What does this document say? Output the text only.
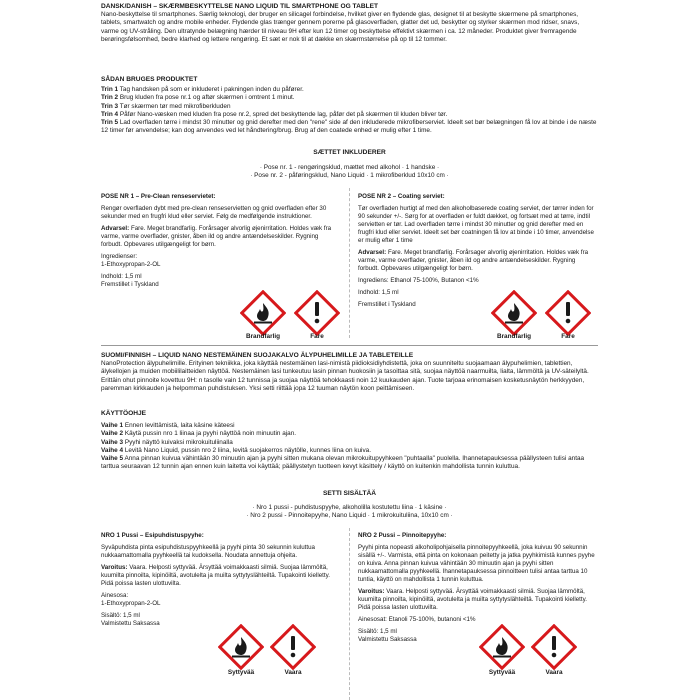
DANSK/DANISH – SKÆRMBESKYTTELSE NANO LIQUID TIL SMARTPHONE OG TABLET

Nano-beskyttelse til smartphones. Særlig teknologi, der bruger en silicagel forbindelse, hvilket giver en flydende glas, designet til at beskytte skærmene på smartphones, tablets, smartwatch og andre mobile enheder. Flydende glas trænger gennem porerne på glasoverfladen, glatter det ud, beskytter og styrker skærmen mod ridser, snavs, varme og UV-stråling. Den ultratynde belægning hærder til niveau 9H efter kun 12 timer og beskyttelse effektivt skærmen i ca. 12 måneder. Produktet giver fremragende berøringsfølsomhed, bedre klarhed og lettere rengøring. Et sæt er nok til at dække en skærmstørrelse på op til 12 tommer.

SÅDAN BRUGES PRODUKTET

Trin 1 Tag handsken på som er inkluderet i pakningen inden du påfører.

Trin 2 Brug kluden fra pose nr.1 og aftør skærmen i omtrent 1 minut.

Trin 3 Tør skærmen tør med mikrofiberkluden

Trin 4 Påfør Nano-væsken med kluden fra pose nr.2, spred det beskyttende lag, påfør det på skærmen til kluden bliver tør.

Trin 5 Lad overfladen tørre i mindst 30 minutter og gnid derefter med den "rene" side af den inkluderede mikrofiberserviet. Ideelt set bør belægningen få lov at binde i de næste 12 timer før anvendelse; kan dog anvendes ved let håndtering/brug. Brug af den coatede enhed er mulig efter 1 time.

SÆTTET INKLUDERER

· Pose nr. 1 - rengøringsklud, mættet med alkohol · 1 handske ·

· Pose nr. 2 - påføringsklud, Nano Liquid · 1 mikrofiberklud 10x10 cm ·

POSE NR 1 – Pre-Clean renseservietet:

Rengør overfladen dybt med pre-clean renseservietten og gnid overfladen efter 30 sekunder med en frugfri klud eller serviet. Følg de medfølgende instruktioner.

Advarsel: Fare. Meget brandfarlig. Forårsager alvorlig øjenirritation. Holdes væk fra varme, varme overflader, gnister, åben ild og andre antændelseskilder. Rygning forbudt. Opbevares utilgængeligt for børn.

Ingredienser:

1-Ethoxypropan-2-OL

Indhold: 1,5 ml

Fremstillet i Tyskland

POSE NR 2 – Coating serviet:

Tør overfladen hurtigt af med den alkoholbaserede coating serviet, der tørrer inden for 90 sekunder +/-. Sørg for at overfladen er fuldt dækket, og fortsæt med at tørre, indtil servietten er tør. Lad overfladen tørre i mindst 30 minutter og gnid derefter med en frugfri klud eller serviet. Ideelt set bør coatningen få lov at binde i 10 timer, anvendelse er mulig efter 1 time

Advarsel: Fare. Meget brandfarlig. Forårsager alvorlig øjenirritation. Holdes væk fra varme, varme overflader, gnister, åben ild og andre antændelseskilder. Rygning forbudt. Opbevares utilgængeligt for børn.

Ingrediens: Ethanol 75-100%, Butanon <1%

Indhold: 1,5 ml

Fremstillet i Tyskland

Brandfarlig	Fare	Brandfarlig	Fare

SUOMI/FINNISH – LIQUID NANO NESTEMÄINEN SUOJAKALVO ÄLYPUHELIMILLE JA TABLETEILLE

NanoProtection älypuhelimille. Erityinen tekniikka, joka käyttää nestemäinen lasi-nimistä piidioksidiyhdistettä, joka on suunniteltu suojaamaan älypuhelimien, tablettien, älykellojen ja muiden mobiililaitteiden näyttöä. Nestemäinen lasi tunkeutuu lasin pinnan huokosiin ja tasoittaa sitä, suojaa näyttöä naarmuilta, lialta, lämmöltä ja UV-säteilyltä. Erittäin ohut pinnoite kovettuu 9H: n tasolle vain 12 tunnissa ja suojaa näyttöä tehokkaasti noin 12 kuukauden ajan. Tuote tarjoaa erinomaisen kosketusnäytön herkkyyden, paremman kirkkauden ja helpomman puhdistuksen. Yksi setti riittää jopa 12 tuuman näytön koon peittämiseen.

KÄYTTÖOHJE

Vaihe 1 Ennen levittämistä, laita käsine käteesi

Vaihe 2 Käytä pussin nro 1 liinaa ja pyyhi näyttöä noin minuutin ajan.

Vaihe 3 Pyyhi näyttö kuivaksi mikrokuituliinalla

Vaihe 4 Levitä Nano Liquid, pussin nro 2 liina, levitä suojakerros näytölle, kunnes liina on kuiva.

Vaihe 5 Anna pinnan kuivua vähintään 30 minuutin ajan ja pyyhi sitten mukana olevan mikrokuitupyyhkeen "puhtaalla" puolella. Ihannetapauksessa päällysteen tulisi antaa tarttua seuraavan 12 tunnin ajan ennen kuin laitetta voi käyttää; päällystetyn tuotteen kevyt käsittely / käyttö on kuitenkin mahdollista tunnin kuluttua.

SETTI SISÄLTÄÄ

· Nro 1 pussi - puhdistuspyyhe, alkoholilla kostutettu liina · 1 käsine ·

· Nro 2 pussi - Pinnoitepyyhe, Nano Liquid · 1 mikrokuituliina, 10x10 cm ·

NRO 1 Pussi – Esipuhdistuspyyhe:

Syväpuhdista pinta esipuhdistuspyyhkeellä ja pyyhi pinta 30 sekunnin kuluttua nukkaamattomalla pyyhkeellä tai kudoksella. Noudata annettuja ohjeita.

Varoitus: Vaara. Helposti syttyvää. Ärsyttää voimakkaasti silmiä. Suojaa lämmöltä, kuumilta pinnoilta, kipinöiltä, avotulelta ja muilta syttytyslähteiltä. Tupakointi kielletty. Pidä poissa lasten ulottuvilta.

Ainesosa:

1-Ethoxypropan-2-OL

Sisältö: 1,5 ml

Valmistettu Saksassa

NRO 2 Pussi – Pinnoitepyyhe:

Pyyhi pinta nopeasti alkoholipohjaisella pinnoitepyyhkeellä, joka kuivuu 90 sekunnin sisällä +/-. Varmista, että pinta on kokonaan peitetty ja jatka pyyhkimistä kunnes pyyhe on kuiva. Anna pinnan kuivua vähintään 30 minuutin ajan ja pyyhi sitten nukkaamattomalla pyyhkeellä. Ihannetapauksessa pinnoitteen tulisi antaa tarttua 10 tuntia, käyttö on mahdollista 1 tunnin kuluttua.

Varoitus: Vaara. Helposti syttyvää. Ärsyttää voimakkaasti silmiä. Suojaa lämmöltä, kuumilta pinnoilta, kipinöiltä, avotulelta ja muilta syttytyslähteiltä. Tupakointi kielletty. Pidä poissa lasten ulottuvilta.

Ainesosat: Etanoli 75-100%, butanoni <1%

Sisältö: 1,5 ml

Valmistettu Saksassa

Syttyvää	Vaara	Syttyvää	Vaara
